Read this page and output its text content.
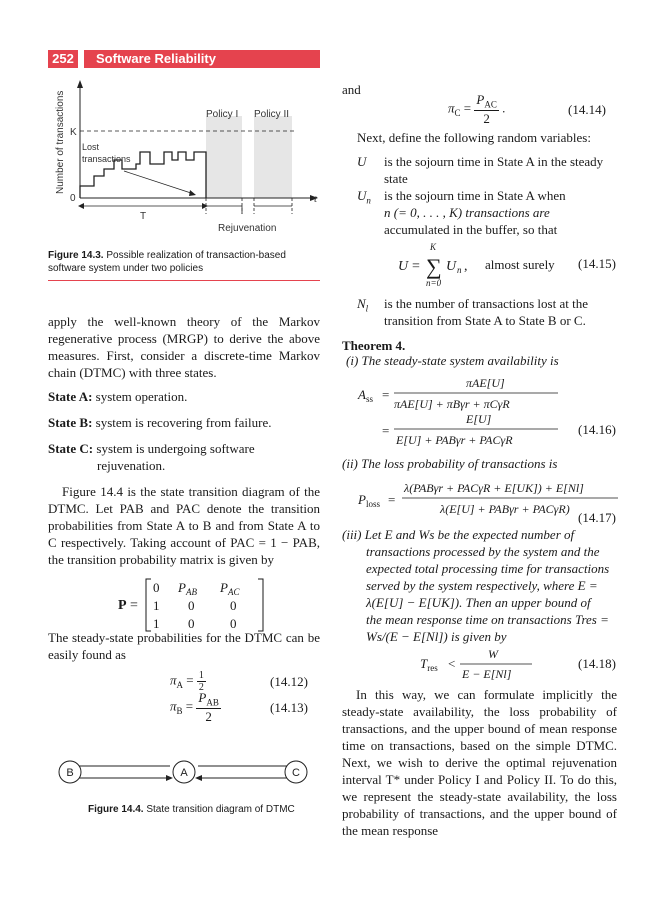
252	Software Reliability
Number of transactions K
0	t
T
Lost
transactions
Policy I Policy II
Rejuvenation
Figure 14.3. Possible realization of transaction-based software system under two policies
apply the well-known theory of the Markov regenerative process (MRGP) to derive the above measures. First, consider a discrete-time Markov chain (DTMC) with three states.
State A: system operation.
State B: system is recovering from failure.
State C: system is undergoing software
rejuvenation.
Figure 14.4 is the state transition diagram of the DTMC. Let PAB and PAC denote the transition probabilities from State A to B and from State A to C respectively. Taking account of PAC = 1 − PAB, the transition probability matrix is given by
P =
0 $P_{AB}$ $P_{AC}$
1 0	0
1 0	0
The steady-state probabilities for the DTMC can be easily found as
$\pi_A = \frac{1}{2}$	(14.12)
$\pi_B = \frac{P_{AB}}{2}$	(14.13)
B	A	C
Figure 14.4. State transition diagram of DTMC
and
$\pi_C = \frac{P_{AC}}{2}$ .	(14.14)
Next, define the following random variables:
U is the sojourn time in State A in the steady state
$U_n$ is the sojourn time in State A when
n (= 0, . . . , K) transactions are
accumulated in the buffer, so that
U =
K
∑
n=0
U n , almost surely (14.15)
$N_l$ is the number of transactions lost at the
transition from State A to State B or C.
Theorem 4.
(i) The steady-state system availability is
$A_{ss}$ =
πAE[U]
πAE[U] + πBγr + πCγR
=
E[U]
E[U] + PABγr + PACγR
(14.16)
(ii) The loss probability of transactions is
$P_{loss}$ =
λ(PABγr + PACγR + E[UK]) + E[Nl]
λ(E[U] + PABγr + PACγR)
(14.17)
(iii) Let E and Ws be the expected number of
transactions processed by the system and the
expected total processing time for transactions
served by the system respectively, where E =
λ(E[U] − E[UK]). Then an upper bound of
the mean response time on transactions Tres =
Ws/(E − E[Nl]) is given by
$T_{res}$ <
W
E − E[Nl]
(14.18)
In this way, we can formulate implicitly the steady-state availability, the loss probability of transactions, and the upper bound of mean response time on transactions, based on the simple DTMC. Next, we wish to derive the optimal rejuvenation interval T* under Policy I and Policy II. To do this, we represent the steady-state availability, the loss probability of transactions, and the upper bound of the mean response
